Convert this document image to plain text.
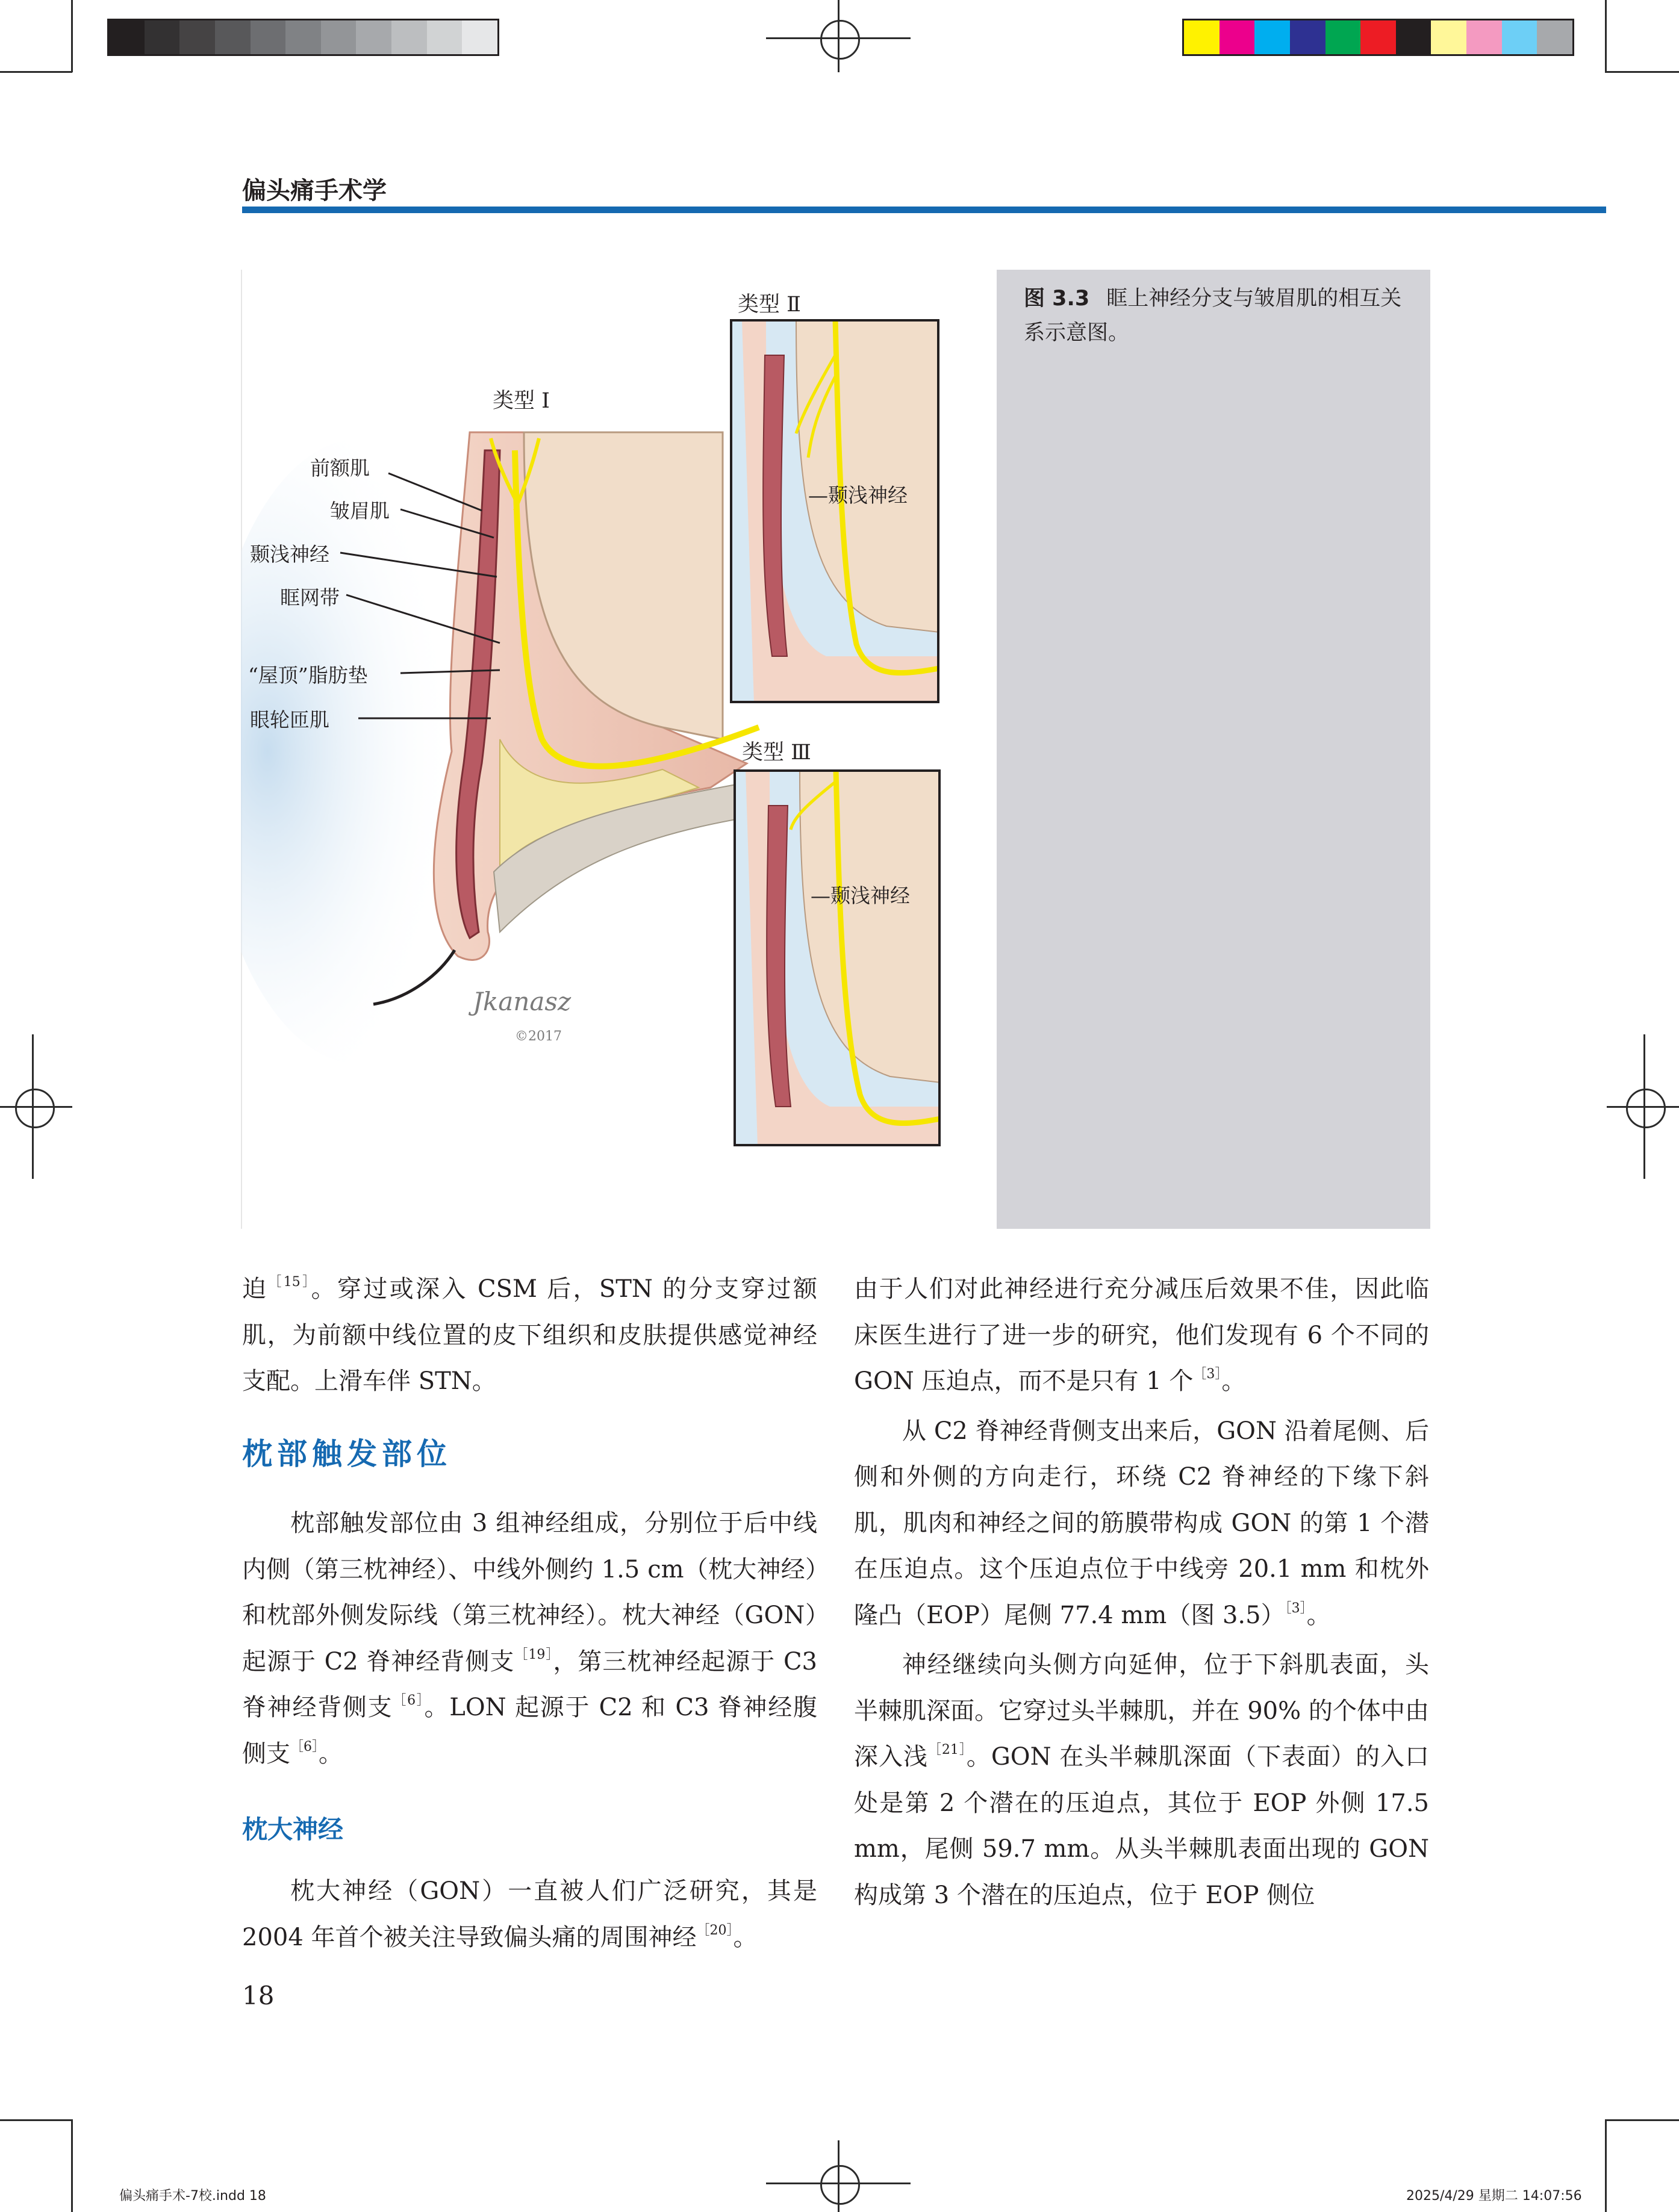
偏头痛手术学
图 3.3 眶上神经分支与皱眉肌的相互关系示意图。
Jkanasz
©2017
类型 Ⅱ
类型 Ⅰ
类型 Ⅲ
前额肌
皱眉肌
颞浅神经
眶网带
“屋顶”脂肪垫
眼轮匝肌
—颞浅神经
—颞浅神经

迫$^{[15]}$。穿过或深入 CSM 后，STN 的分支穿过额肌，为前额中线位置的皮下组织和皮肤提供感觉神经支配。上滑车伴 STN。

枕部触发部位

枕部触发部位由 3 组神经组成，分别位于后中线内侧（第三枕神经）、中线外侧约 1.5 cm（枕大神经）和枕部外侧发际线（第三枕神经）。枕大神经（GON）起源于 C2 脊神经背侧支$^{[19]}$，第三枕神经起源于 C3 脊神经背侧支$^{[6]}$。LON 起源于 C2 和 C3 脊神经腹侧支$^{[6]}$。

枕大神经

枕大神经（GON）一直被人们广泛研究，其是 2004 年首个被关注导致偏头痛的周围神经$^{[20]}$。

由于人们对此神经进行充分减压后效果不佳，因此临床医生进行了进一步的研究，他们发现有 6 个不同的 GON 压迫点，而不是只有 1 个$^{[3]}$。

从 C2 脊神经背侧支出来后，GON 沿着尾侧、后侧和外侧的方向走行，环绕 C2 脊神经的下缘下斜肌，肌肉和神经之间的筋膜带构成 GON 的第 1 个潜在压迫点。这个压迫点位于中线旁 20.1 mm 和枕外隆凸（EOP）尾侧 77.4 mm（图 3.5）$^{[3]}$。

神经继续向头侧方向延伸，位于下斜肌表面，头半棘肌深面。它穿过头半棘肌，并在 90% 的个体中由深入浅$^{[21]}$。GON 在头半棘肌深面（下表面）的入口处是第 2 个潜在的压迫点，其位于 EOP 外侧 17.5 mm，尾侧 59.7 mm。从头半棘肌表面出现的 GON 构成第 3 个潜在的压迫点，位于 EOP 侧位

18
偏头痛手术-7校.indd 18	2025/4/29 星期二 14:07:56
